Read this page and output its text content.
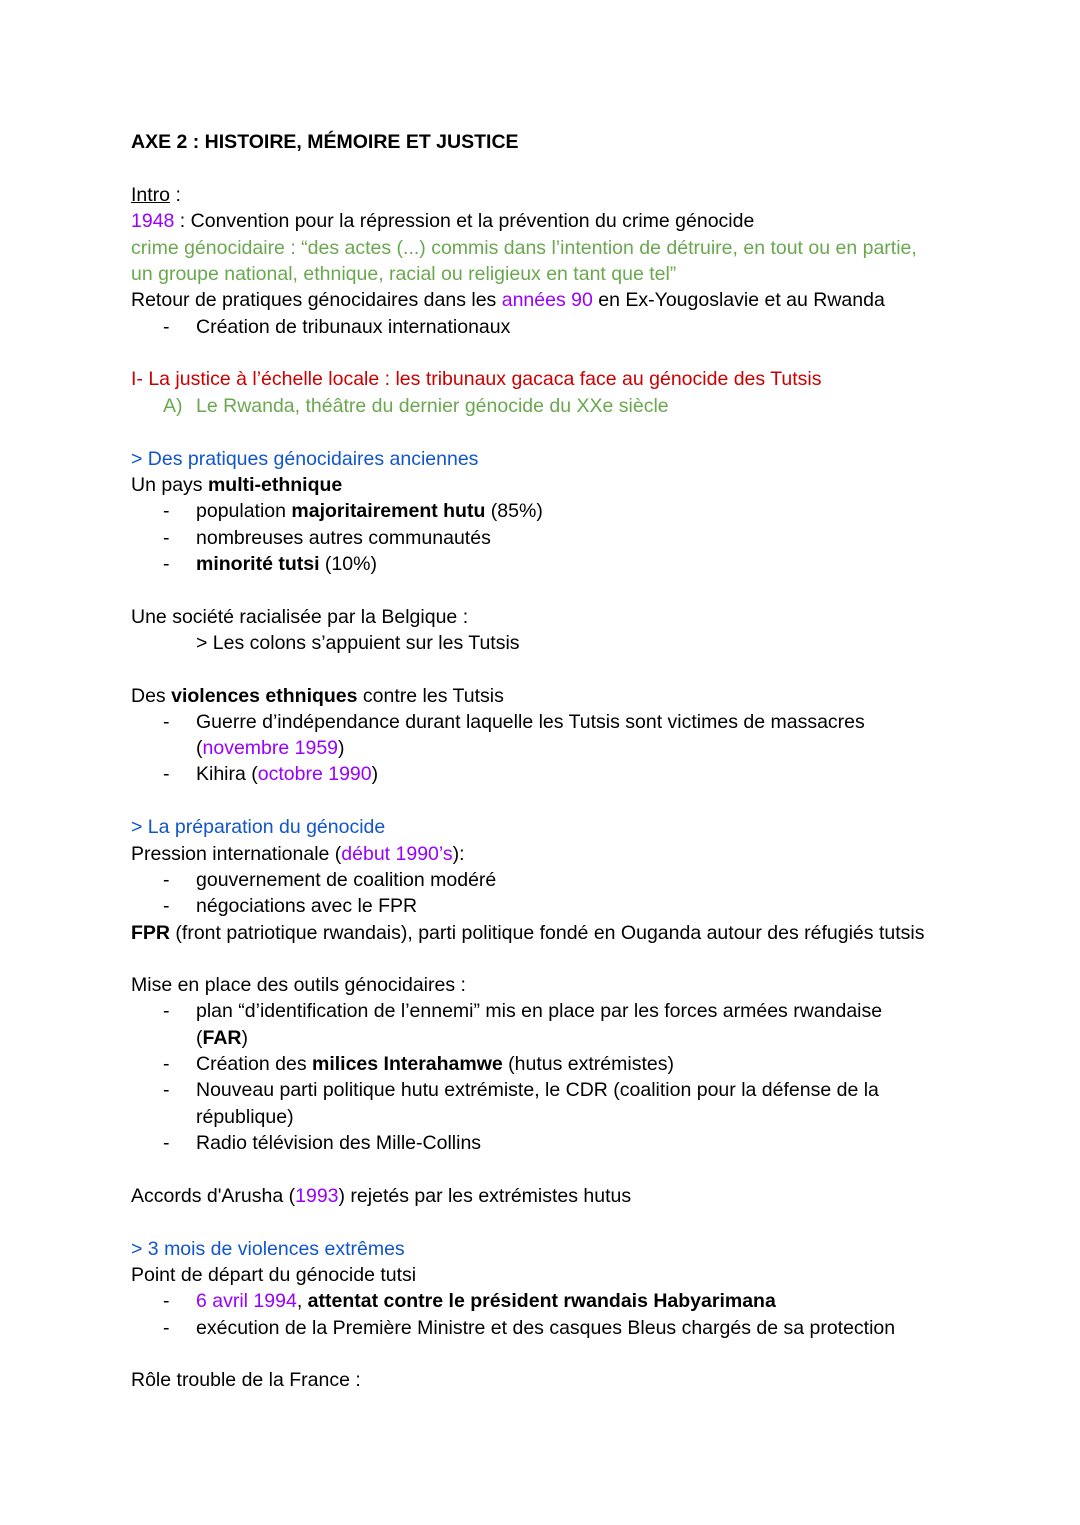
AXE 2 : HISTOIRE, MÉMOIRE ET JUSTICE
Intro :
1948 : Convention pour la répression et la prévention du crime génocide
crime génocidaire : “des actes (...) commis dans l’intention de détruire, en tout ou en partie,
un groupe national, ethnique, racial ou religieux en tant que tel”
Retour de pratiques génocidaires dans les années 90 en Ex-Yougoslavie et au Rwanda
- Création de tribunaux internationaux
I- La justice à l’échelle locale : les tribunaux gacaca face au génocide des Tutsis
A) Le Rwanda, théâtre du dernier génocide du XXe siècle
> Des pratiques génocidaires anciennes
Un pays multi-ethnique
- population majoritairement hutu (85%)
- nombreuses autres communautés
- minorité tutsi (10%)
Une société racialisée par la Belgique :
> Les colons s’appuient sur les Tutsis
Des violences ethniques contre les Tutsis
- Guerre d’indépendance durant laquelle les Tutsis sont victimes de massacres
(novembre 1959)
- Kihira (octobre 1990)
> La préparation du génocide
Pression internationale (début 1990’s):
- gouvernement de coalition modéré
- négociations avec le FPR
FPR (front patriotique rwandais), parti politique fondé en Ouganda autour des réfugiés tutsis
Mise en place des outils génocidaires :
- plan “d’identification de l’ennemi” mis en place par les forces armées rwandaise
(FAR)
- Création des milices Interahamwe (hutus extrémistes)
- Nouveau parti politique hutu extrémiste, le CDR (coalition pour la défense de la
république)
- Radio télévision des Mille-Collins
Accords d'Arusha (1993) rejetés par les extrémistes hutus
> 3 mois de violences extrêmes
Point de départ du génocide tutsi
- 6 avril 1994, attentat contre le président rwandais Habyarimana
- exécution de la Première Ministre et des casques Bleus chargés de sa protection
Rôle trouble de la France :
